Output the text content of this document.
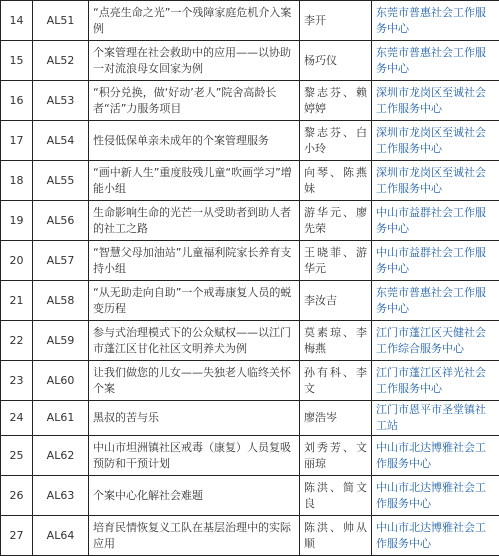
14	AL51	“点亮生命之光”一个残障家庭危机介入案例	李开	东莞市普惠社会工作服务中心
15	AL52	个案管理在社会救助中的应用——以协助一对流浪母女回家为例	杨巧仪	东莞市普惠社会工作服务中心
16	AL53	“积分兑换，做‘好动’老人”院舍高龄长者“活”力服务项目	黎志芬、赖婷婷	深圳市龙岗区至诚社会工作服务中心
17	AL54	性侵低保单亲未成年的个案管理服务	黎志芬、白小玲	深圳市龙岗区至诚社会工作服务中心
18	AL55	“画中新人生”重度肢残儿童“吹画学习”增能小组	向琴、陈燕妹	深圳市龙岗区至诚社会工作服务中心
19	AL56	生命影响生命的光芒一从受助者到助人者的社工之路	游华元、廖先荣	中山市益群社会工作服务中心
20	AL57	“智慧父母加油站”儿童福利院家长养育支持小组	王晓菲、游华元	中山市益群社会工作服务中心
21	AL58	“从无助走向自助”一个戒毒康复人员的蜕变历程	李汝吉	东莞市普惠社会工作服务中心
22	AL59	参与式治理模式下的公众赋权——以江门市蓬江区甘化社区文明养犬为例	莫素琼、李梅燕	江门市蓬江区天健社会工作综合服务中心
23	AL60	让我们做您的儿女——失独老人临终关怀个案	孙有科、李文	江门市蓬江区祥光社会工作服务中心
24	AL61	黑叔的苦与乐	廖浩岑	江门市恩平市圣堂镇社工站
25	AL62	中山市坦洲镇社区戒毒（康复）人员复吸预防和干预计划	刘秀芳、文丽琼	中山市北达博雅社会工作服务中心
26	AL63	个案中心化解社会难题	陈洪、简文良	中山市北达博雅社会工作服务中心
27	AL64	培育民情恢复义工队在基层治理中的实际应用	陈洪、帅从顺	中山市北达博雅社会工作服务中心
